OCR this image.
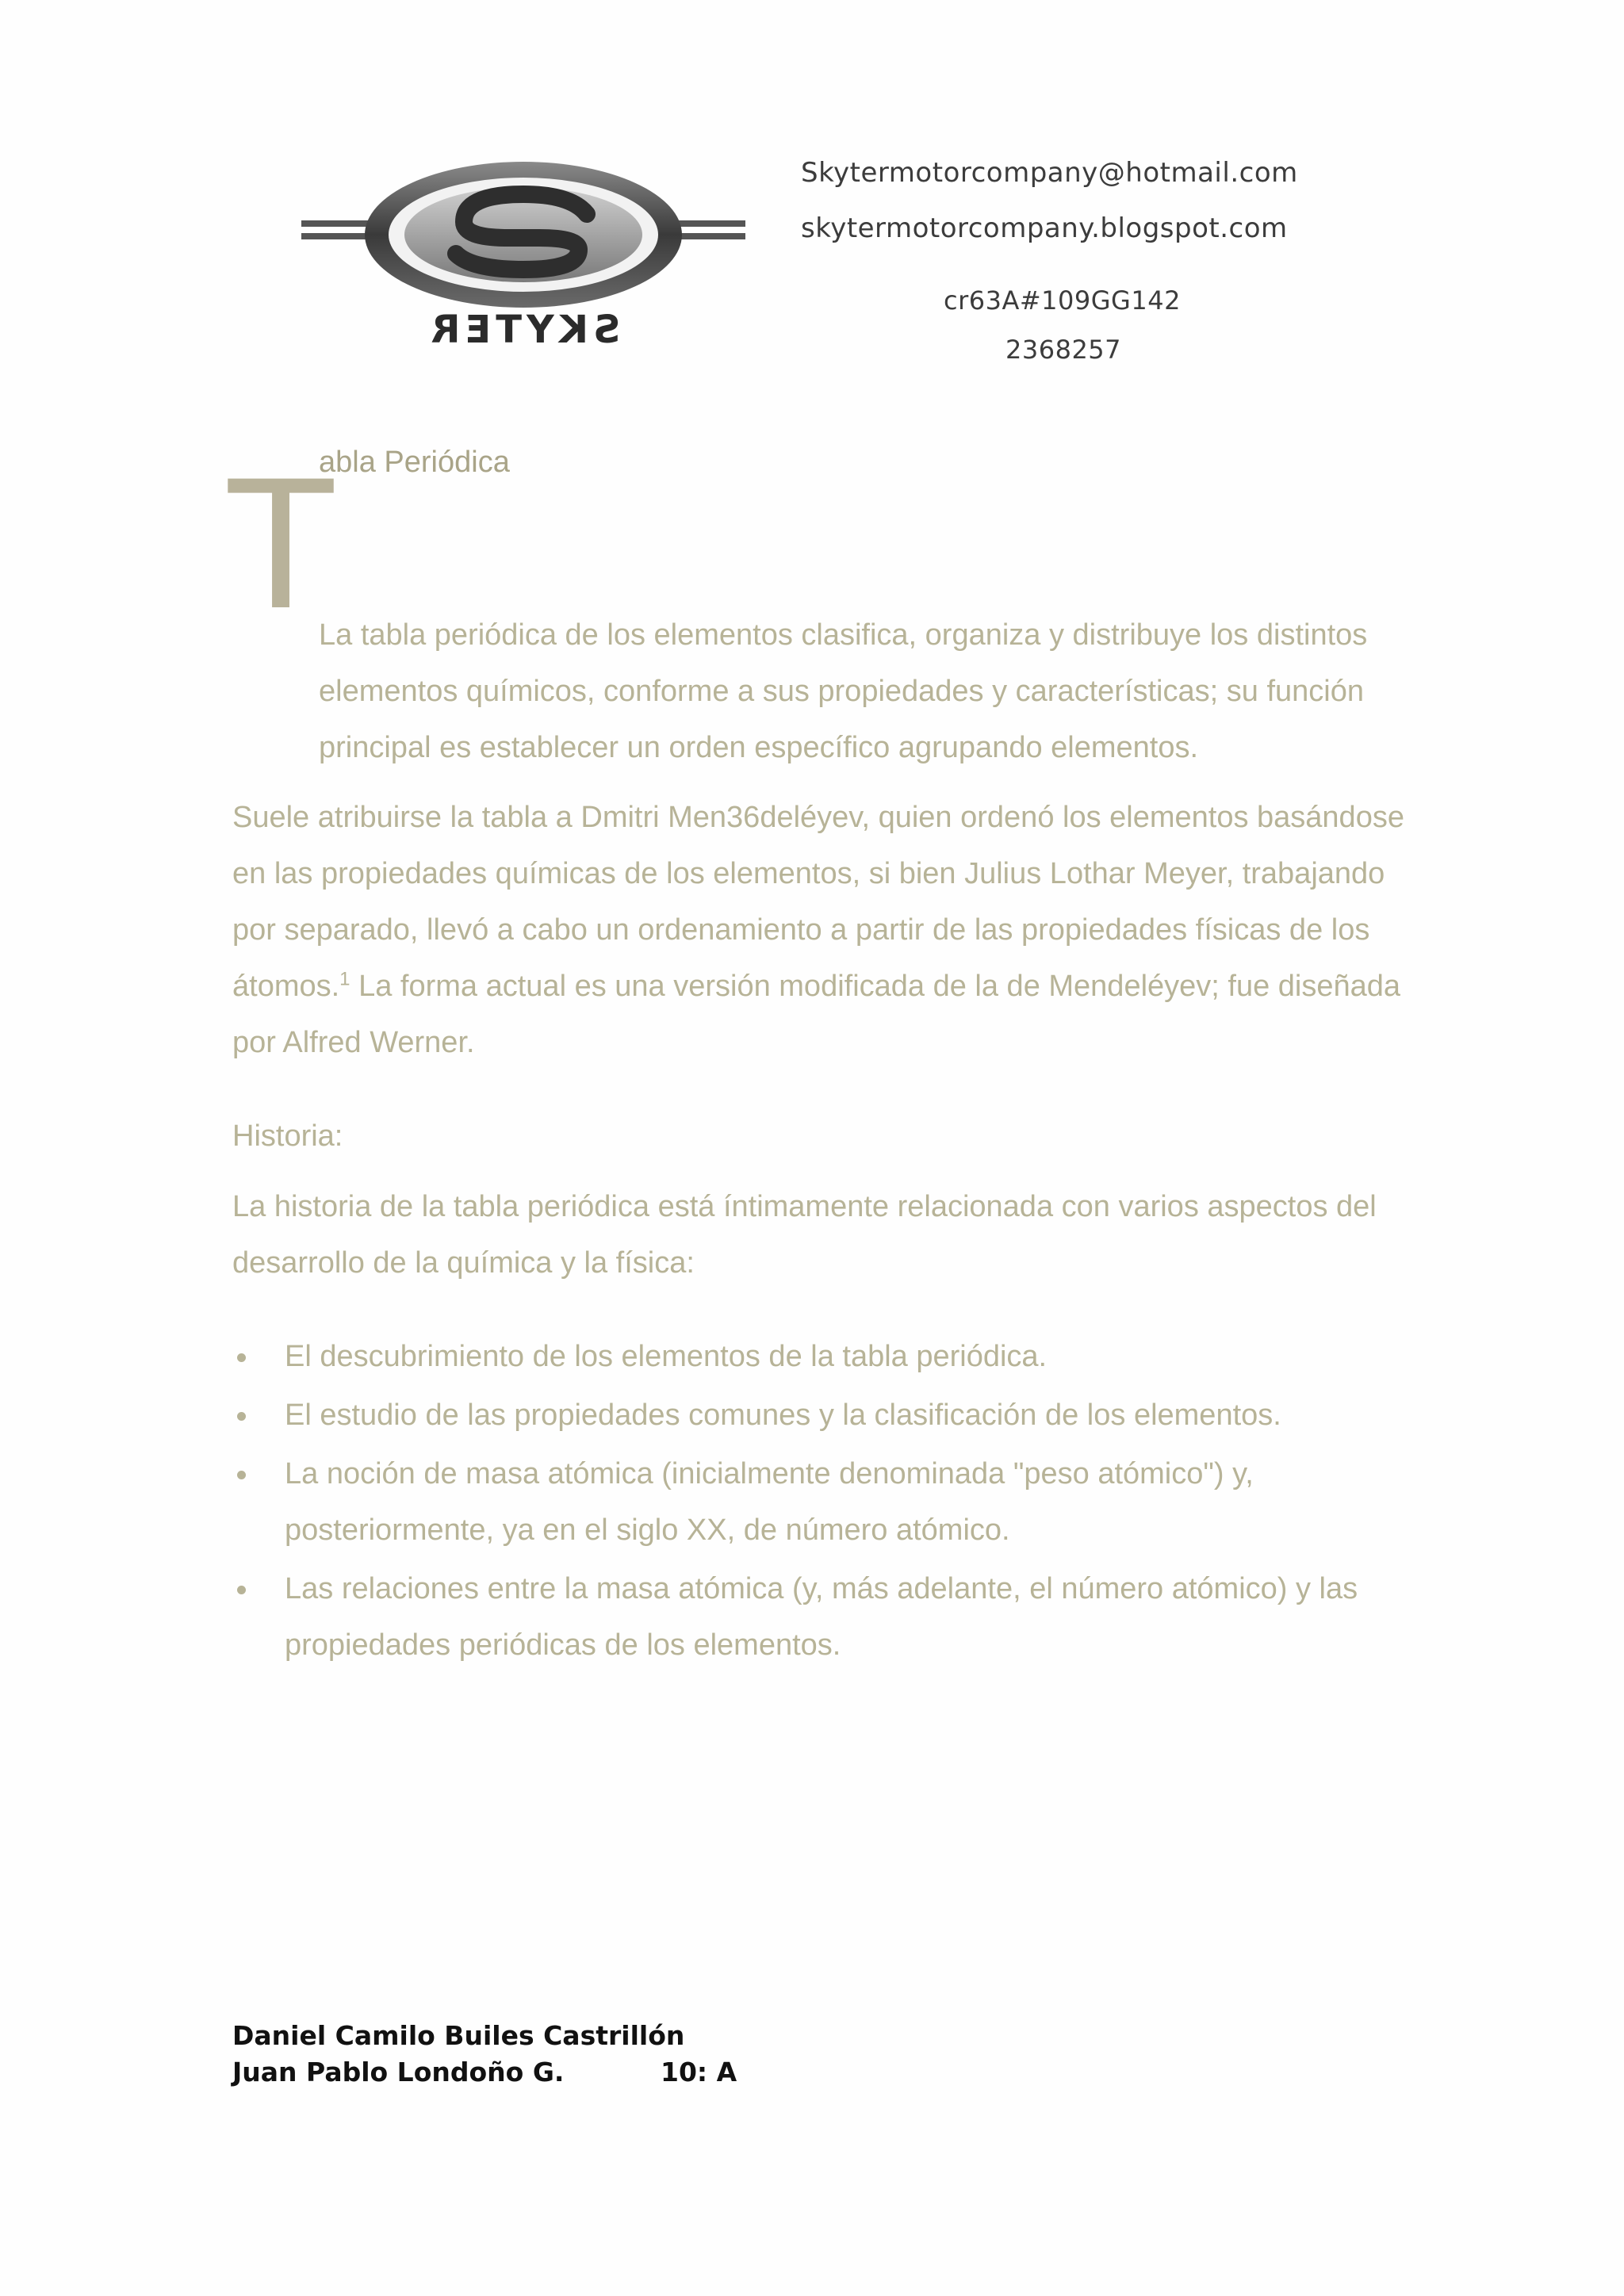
SKYTER
Skytermotorcompany@hotmail.com
skytermotorcompany.blogspot.com
cr63A#109GG142
2368257
T
abla Periódica
La tabla periódica de los elementos clasifica, organiza y distribuye los distintos elementos químicos, conforme a sus propiedades y características; su función principal es establecer un orden específico agrupando elementos.
Suele atribuirse la tabla a Dmitri Men36deléyev, quien ordenó los elementos basándose en las propiedades químicas de los elementos, si bien Julius Lothar Meyer, trabajando por separado, llevó a cabo un ordenamiento a partir de las propiedades físicas de los átomos.$^1$ La forma actual es una versión modificada de la de Mendeléyev; fue diseñada por Alfred Werner.
Historia:
La historia de la tabla periódica está íntimamente relacionada con varios aspectos del desarrollo de la química y la física:
El descubrimiento de los elementos de la tabla periódica.
El estudio de las propiedades comunes y la clasificación de los elementos.
La noción de masa atómica (inicialmente denominada "peso atómico") y, posteriormente, ya en el siglo XX, de número atómico.
Las relaciones entre la masa atómica (y, más adelante, el número atómico) y las propiedades periódicas de los elementos.
Daniel Camilo Builes Castrillón
Juan Pablo Londoño G.	10: A
